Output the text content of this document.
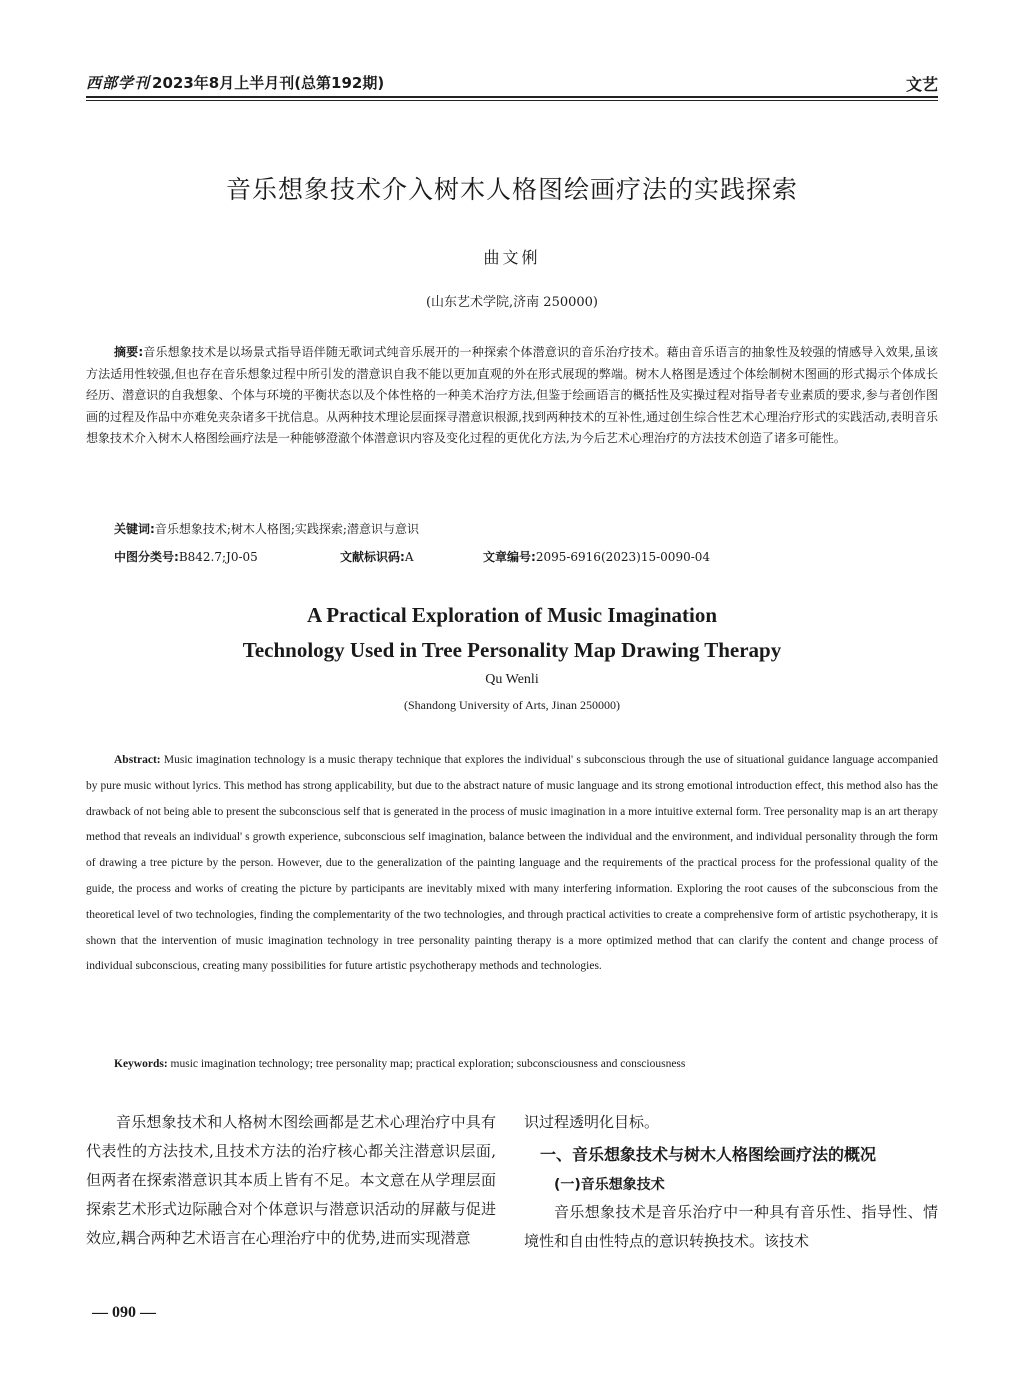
西部学刊 2023年8月上半月刊(总第192期)	文艺
音乐想象技术介入树木人格图绘画疗法的实践探索
曲文俐
(山东艺术学院,济南 250000)
摘要:音乐想象技术是以场景式指导语伴随无歌词式纯音乐展开的一种探索个体潜意识的音乐治疗技术。藉由音乐语言的抽象性及较强的情感导入效果,虽该方法适用性较强,但也存在音乐想象过程中所引发的潜意识自我不能以更加直观的外在形式展现的弊端。树木人格图是透过个体绘制树木图画的形式揭示个体成长经历、潜意识的自我想象、个体与环境的平衡状态以及个体性格的一种美术治疗方法,但鉴于绘画语言的概括性及实操过程对指导者专业素质的要求,参与者创作图画的过程及作品中亦难免夹杂诸多干扰信息。从两种技术理论层面探寻潜意识根源,找到两种技术的互补性,通过创生综合性艺术心理治疗形式的实践活动,表明音乐想象技术介入树木人格图绘画疗法是一种能够澄澈个体潜意识内容及变化过程的更优化方法,为今后艺术心理治疗的方法技术创造了诸多可能性。
关键词:音乐想象技术;树木人格图;实践探索;潜意识与意识
中图分类号:B842.7;J0-05	文献标识码:A	文章编号:2095-6916(2023)15-0090-04
A Practical Exploration of Music Imagination
Technology Used in Tree Personality Map Drawing Therapy
Qu Wenli
(Shandong University of Arts, Jinan 250000)
Abstract: Music imagination technology is a music therapy technique that explores the individual' s subconscious through the use of situational guidance language accompanied by pure music without lyrics. This method has strong applicability, but due to the abstract nature of music language and its strong emotional introduction effect, this method also has the drawback of not being able to present the subconscious self that is generated in the process of music imagination in a more intuitive external form. Tree personality map is an art therapy method that reveals an individual' s growth experience, subconscious self imagination, balance between the individual and the environment, and individual personality through the form of drawing a tree picture by the person. However, due to the generalization of the painting language and the requirements of the practical process for the professional quality of the guide, the process and works of creating the picture by participants are inevitably mixed with many interfering information. Exploring the root causes of the subconscious from the theoretical level of two technologies, finding the complementarity of the two technologies, and through practical activities to create a comprehensive form of artistic psychotherapy, it is shown that the intervention of music imagination technology in tree personality painting therapy is a more optimized method that can clarify the content and change process of individual subconscious, creating many possibilities for future artistic psychotherapy methods and technologies.
Keywords: music imagination technology; tree personality map; practical exploration; subconsciousness and consciousness

音乐想象技术和人格树木图绘画都是艺术心理治疗中具有代表性的方法技术,且技术方法的治疗核心都关注潜意识层面,但两者在探索潜意识其本质上皆有不足。本文意在从学理层面探索艺术形式边际融合对个体意识与潜意识活动的屏蔽与促进效应,耦合两种艺术语言在心理治疗中的优势,进而实现潜意

识过程透明化目标。

一、音乐想象技术与树木人格图绘画疗法的概况
(一)音乐想象技术

音乐想象技术是音乐治疗中一种具有音乐性、指导性、情境性和自由性特点的意识转换技术。该技术

— 090 —
